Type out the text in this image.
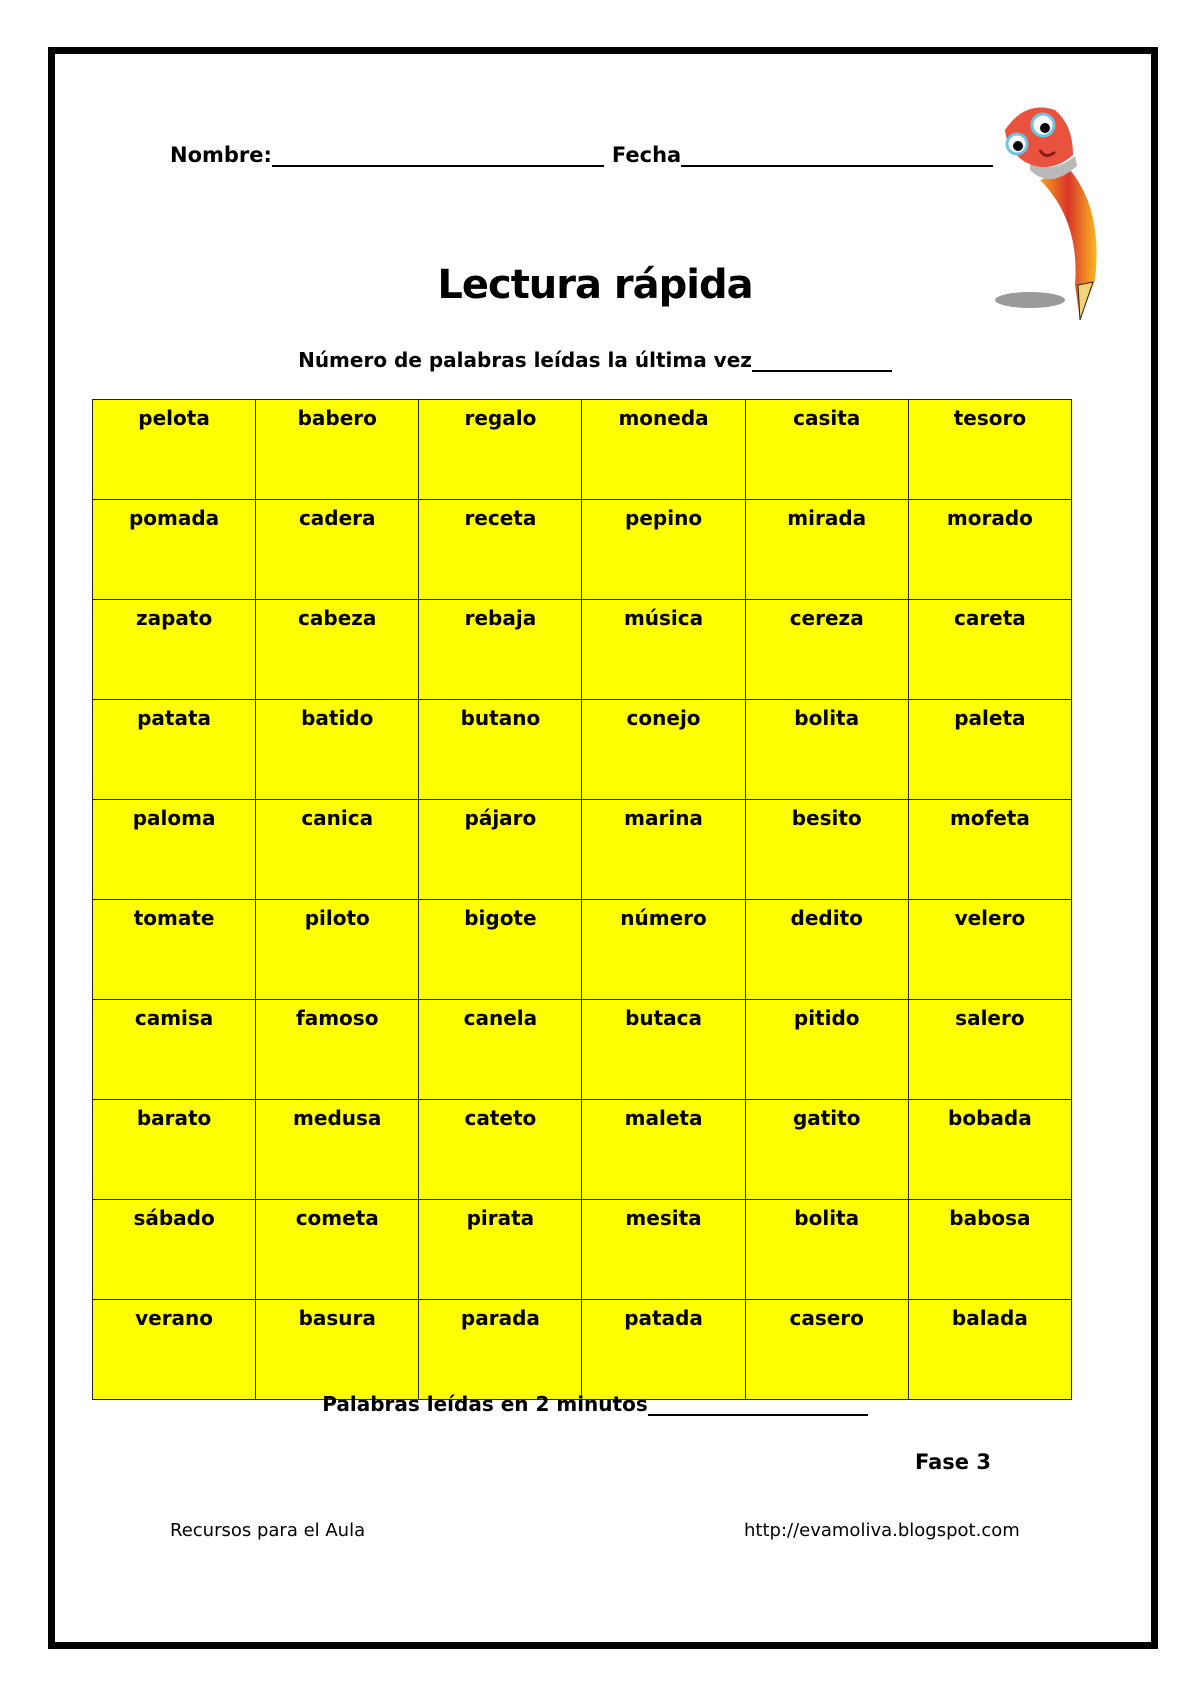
Nombre:	Fecha
Lectura rápida
Número de palabras leídas la última vez
pelota	babero	regalo	moneda	casita	tesoro
pomada	cadera	receta	pepino	mirada	morado
zapato	cabeza	rebaja	música	cereza	careta
patata	batido	butano	conejo	bolita	paleta
paloma	canica	pájaro	marina	besito	mofeta
tomate	piloto	bigote	número	dedito	velero
camisa	famoso	canela	butaca	pitido	salero
barato	medusa	cateto	maleta	gatito	bobada
sábado	cometa	pirata	mesita	bolita	babosa
verano	basura	parada	patada	casero	balada
Palabras leídas en 2 minutos
Fase 3
Recursos para el Aula	http://evamoliva.blogspot.com
